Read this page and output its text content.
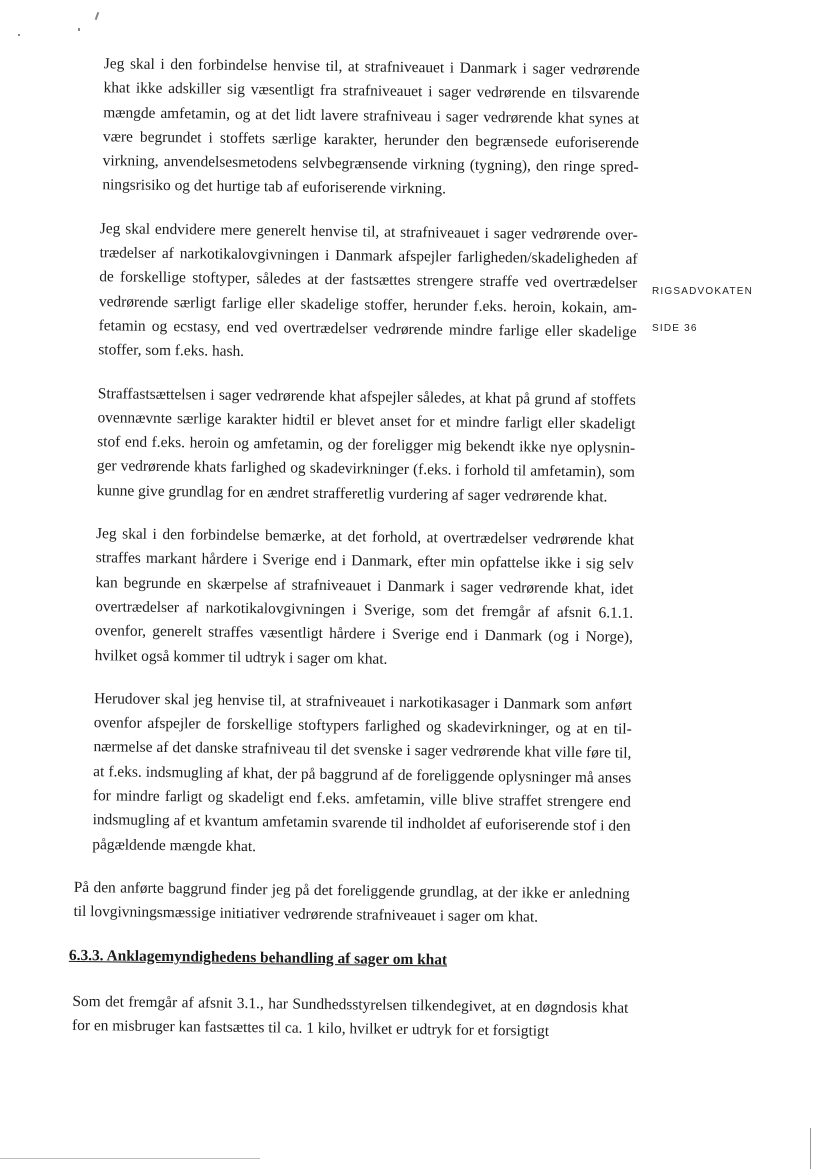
Jeg skal i den forbindelse henvise til, at strafniveauet i Danmark i sager vedrørende khat ikke adskiller sig væsentligt fra strafniveauet i sager vedrørende en tilsvarende mængde amfetamin, og at det lidt lavere strafniveau i sager vedrørende khat synes at være begrundet i stoffets særlige karakter, herunder den begrænsede euforiserende virkning, anvendelsesmetodens selvbegrænsende virkning (tygning), den ringe spredningsrisiko og det hurtige tab af euforiserende virkning.

Jeg skal endvidere mere generelt henvise til, at strafniveauet i sager vedrørende overtrædelser af narkotikalovgivningen i Danmark afspejler farligheden/skadeligheden af de forskellige stoftyper, således at der fastsættes strengere straffe ved overtrædelser vedrørende særligt farlige eller skadelige stoffer, herunder f.eks. heroin, kokain, amfetamin og ecstasy, end ved overtrædelser vedrørende mindre farlige eller skadelige stoffer, som f.eks. hash.

Straffastsættelsen i sager vedrørende khat afspejler således, at khat på grund af stoffets ovennævnte særlige karakter hidtil er blevet anset for et mindre farligt eller skadeligt stof end f.eks. heroin og amfetamin, og der foreligger mig bekendt ikke nye oplysninger vedrørende khats farlighed og skadevirkninger (f.eks. i forhold til amfetamin), som kunne give grundlag for en ændret strafferetlig vurdering af sager vedrørende khat.

Jeg skal i den forbindelse bemærke, at det forhold, at overtrædelser vedrørende khat straffes markant hårdere i Sverige end i Danmark, efter min opfattelse ikke i sig selv kan begrunde en skærpelse af strafniveauet i Danmark i sager vedrørende khat, idet overtrædelser af narkotikalovgivningen i Sverige, som det fremgår af afsnit 6.1.1. ovenfor, generelt straffes væsentligt hårdere i Sverige end i Danmark (og i Norge), hvilket også kommer til udtryk i sager om khat.

Herudover skal jeg henvise til, at strafniveauet i narkotikasager i Danmark som anført ovenfor afspejler de forskellige stoftypers farlighed og skadevirkninger, og at en tilnærmelse af det danske strafniveau til det svenske i sager vedrørende khat ville føre til, at f.eks. indsmugling af khat, der på baggrund af de foreliggende oplysninger må anses for mindre farligt og skadeligt end f.eks. amfetamin, ville blive straffet strengere end indsmugling af et kvantum amfetamin svarende til indholdet af euforiserende stof i den pågældende mængde khat.

På den anførte baggrund finder jeg på det foreliggende grundlag, at der ikke er anledning til lovgivningsmæssige initiativer vedrørende strafniveauet i sager om khat.

6.3.3. Anklagemyndighedens behandling af sager om khat

Som det fremgår af afsnit 3.1., har Sundhedsstyrelsen tilkendegivet, at en døgndosis khat for en misbruger kan fastsættes til ca. 1 kilo, hvilket er udtryk for et forsigtigt

RIGSADVOKATEN
SIDE 36
